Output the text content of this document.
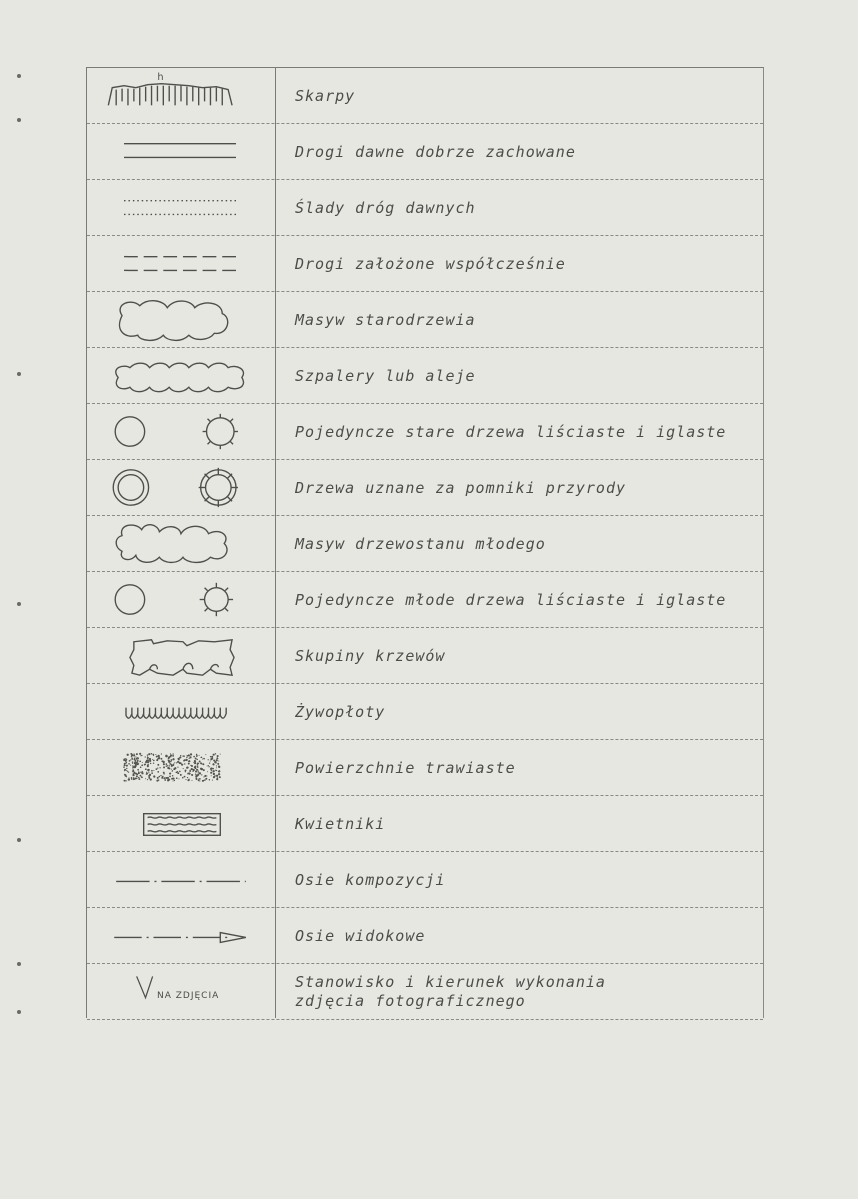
h
Skarpy
Drogi dawne dobrze zachowane
Ślady dróg dawnych
Drogi założone współcześnie
Masyw starodrzewia
Szpalery lub aleje
Pojedyncze stare drzewa liściaste i iglaste
Drzewa uznane za pomniki przyrody
Masyw drzewostanu młodego
Pojedyncze młode drzewa liściaste i iglaste
Skupiny krzewów
Żywopłoty
Powierzchnie trawiaste
Kwietniki
Osie kompozycji
Osie widokowe
NA ZDJĘCIA
Stanowisko i kierunek wykonania
zdjęcia fotograficznego
